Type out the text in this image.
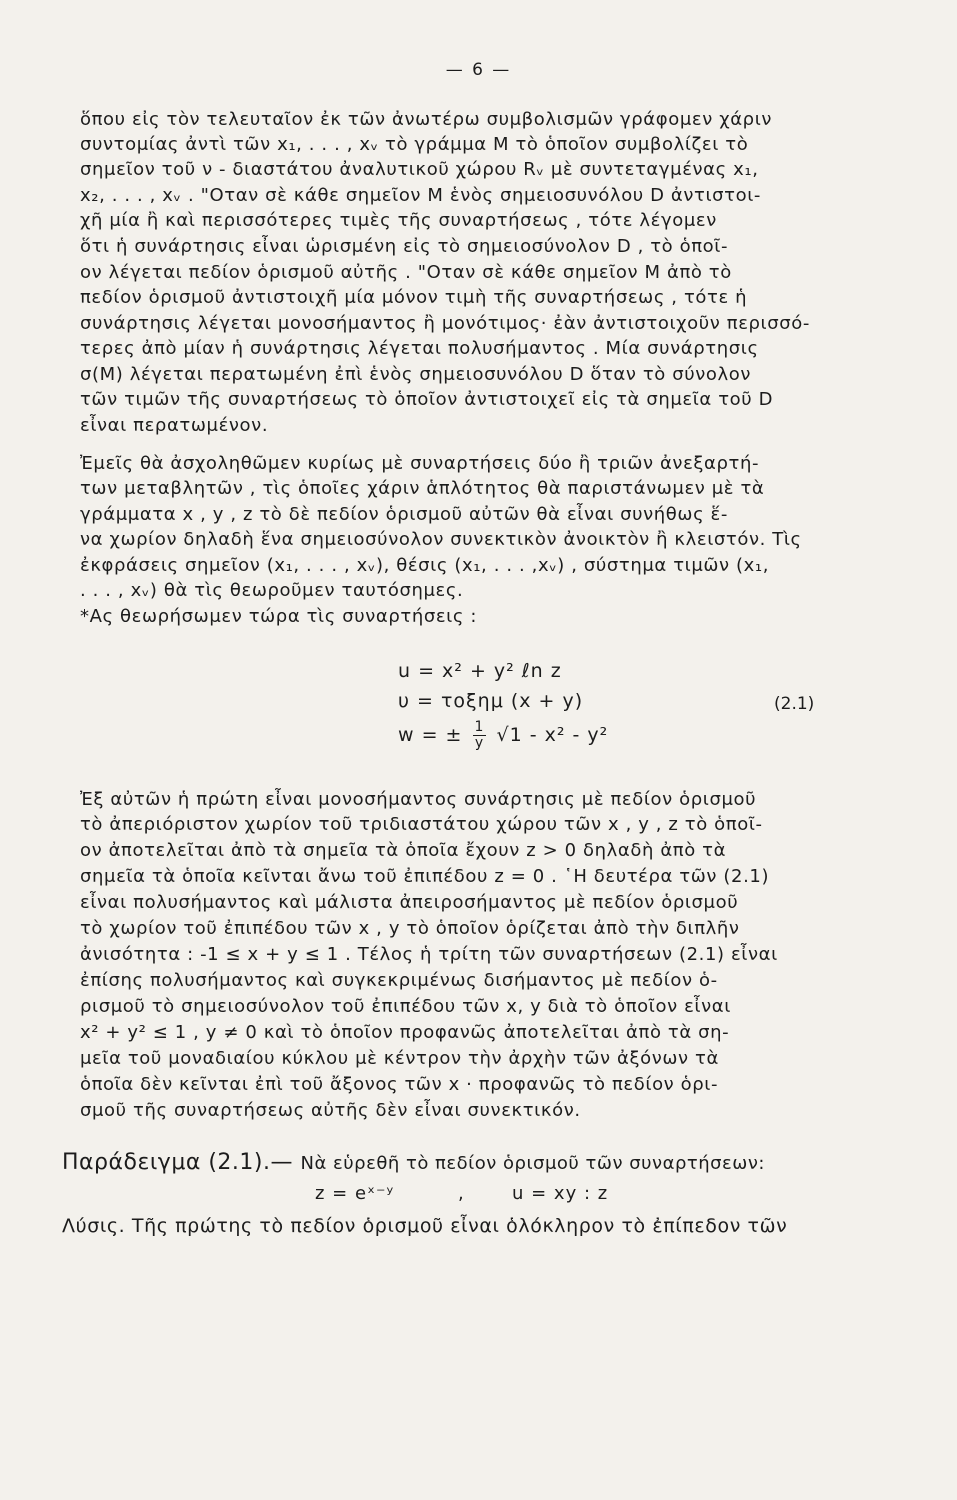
— 6 —
ὅπου εἰς τὸν τελευταῖον ἐκ τῶν ἀνωτέρω συμβολισμῶν γράφομεν χάριν
συντομίας ἀντὶ τῶν x₁, . . . , xᵥ τὸ γράμμα M τὸ ὁποῖον συμβολίζει τὸ
σημεῖον τοῦ ν - διαστάτου ἀναλυτικοῦ χώρου Rᵥ μὲ συντεταγμένας x₁,
x₂, . . . , xᵥ . "Οταν σὲ κάθε σημεῖον M ἑνὸς σημειοσυνόλου D ἀντιστοι-
χῆ μία ἢ καὶ περισσότερες τιμὲς τῆς συναρτήσεως , τότε λέγομεν
ὅτι ἡ συνάρτησις εἶναι ὡρισμένη εἰς τὸ σημειοσύνολον D , τὸ ὁποῖ-
ον λέγεται πεδίον ὁρισμοῦ αὐτῆς . "Οταν σὲ κάθε σημεῖον M ἀπὸ τὸ
πεδίον ὁρισμοῦ ἀντιστοιχῆ μία μόνον τιμὴ τῆς συναρτήσεως , τότε ἡ
συνάρτησις λέγεται μονοσήμαντος ἢ μονότιμος· ἐὰν ἀντιστοιχοῦν περισσό-
τερες ἀπὸ μίαν ἡ συνάρτησις λέγεται πολυσήμαντος . Μία συνάρτησις
σ(M) λέγεται περατωμένη ἐπὶ ἑνὸς σημειοσυνόλου D ὅταν τὸ σύνολον
τῶν τιμῶν τῆς συναρτήσεως τὸ ὁποῖον ἀντιστοιχεῖ εἰς τὰ σημεῖα τοῦ D
εἶναι περατωμένον.
Ἐμεῖς θὰ ἀσχοληθῶμεν κυρίως μὲ συναρτήσεις δύο ἢ τριῶν ἀνεξαρτή-
των μεταβλητῶν , τὶς ὁποῖες χάριν ἁπλότητος θὰ παριστάνωμεν μὲ τὰ
γράμματα x , y , z τὸ δὲ πεδίον ὁρισμοῦ αὐτῶν θὰ εἶναι συνήθως ἕ-
να χωρίον δηλαδὴ ἕνα σημειοσύνολον συνεκτικὸν ἀνοικτὸν ἢ κλειστόν. Τὶς
ἐκφράσεις σημεῖον (x₁, . . . , xᵥ), θέσις (x₁, . . . ,xᵥ) , σύστημα τιμῶν (x₁,
. . . , xᵥ) θὰ τὶς θεωροῦμεν ταυτόσημες.
*Ας θεωρήσωμεν τώρα τὶς συναρτήσεις :
u = x² + y² ℓn z
υ = τοξημ (x + y)
w = ± $\frac{1}{y} √1 - x^2 - y^2$
(2.1)
Ἐξ αὐτῶν ἡ πρώτη εἶναι μονοσήμαντος συνάρτησις μὲ πεδίον ὁρισμοῦ
τὸ ἀπεριόριστον χωρίον τοῦ τριδιαστάτου χώρου τῶν x , y , z τὸ ὁποῖ-
ον ἀποτελεῖται ἀπὸ τὰ σημεῖα τὰ ὁποῖα ἔχουν z > 0 δηλαδὴ ἀπὸ τὰ
σημεῖα τὰ ὁποῖα κεῖνται ἄνω τοῦ ἐπιπέδου z = 0 . ῾Η δευτέρα τῶν (2.1)
εἶναι πολυσήμαντος καὶ μάλιστα ἀπειροσήμαντος μὲ πεδίον ὁρισμοῦ
τὸ χωρίον τοῦ ἐπιπέδου τῶν x , y τὸ ὁποῖον ὁρίζεται ἀπὸ τὴν διπλῆν
ἀνισότητα : -1 ≤ x + y ≤ 1 . Τέλος ἡ τρίτη τῶν συναρτήσεων (2.1) εἶναι
ἐπίσης πολυσήμαντος καὶ συγκεκριμένως δισήμαντος μὲ πεδίον ὁ-
ρισμοῦ τὸ σημειοσύνολον τοῦ ἐπιπέδου τῶν x, y διὰ τὸ ὁποῖον εἶναι
x² + y² ≤ 1 , y ≠ 0 καὶ τὸ ὁποῖον προφανῶς ἀποτελεῖται ἀπὸ τὰ ση-
μεῖα τοῦ μοναδιαίου κύκλου μὲ κέντρον τὴν ἀρχὴν τῶν ἀξόνων τὰ
ὁποῖα δὲν κεῖνται ἐπὶ τοῦ ἄξονος τῶν x · προφανῶς τὸ πεδίον ὁρι-
σμοῦ τῆς συναρτήσεως αὐτῆς δὲν εἶναι συνεκτικόν.
Παράδειγμα (2.1).— Νὰ εὑρεθῆ τὸ πεδίον ὁρισμοῦ τῶν συναρτήσεων:
z = eˣ⁻ʸ	,	u = xy : z
Λύσις. Τῆς πρώτης τὸ πεδίον ὁρισμοῦ εἶναι ὁλόκληρον τὸ ἐπίπεδον τῶν
